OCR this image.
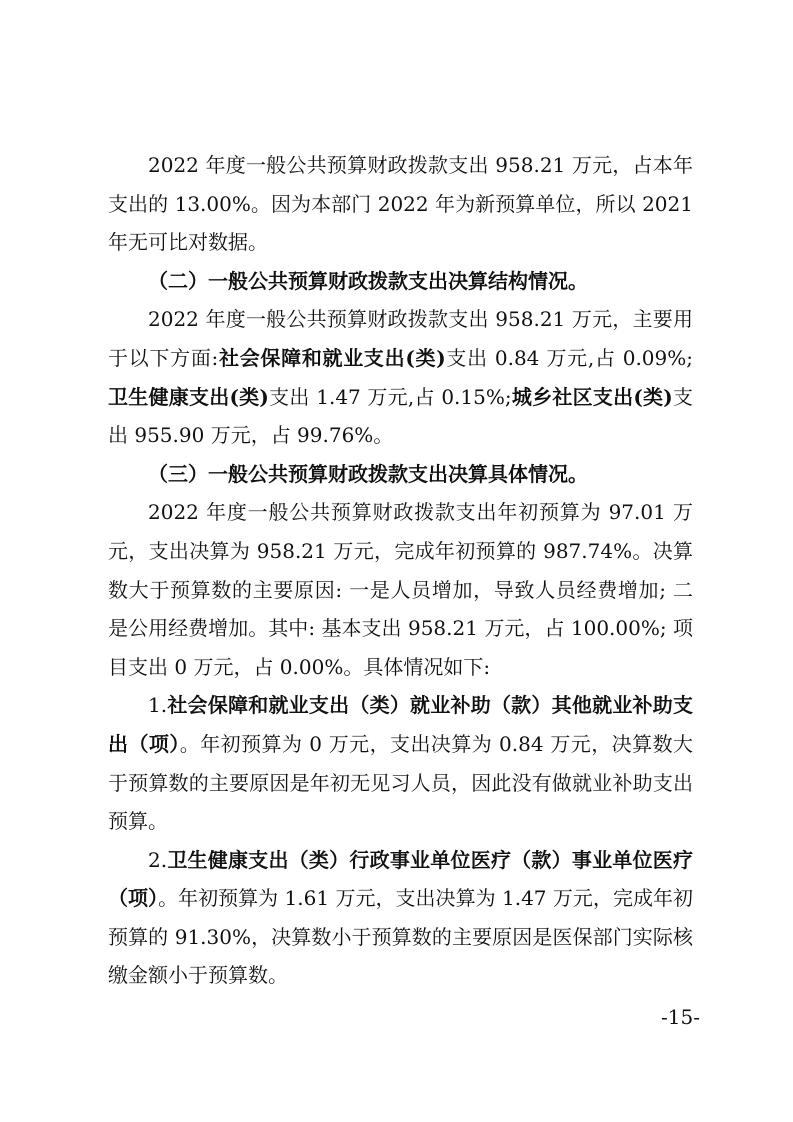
2022 年度一般公共预算财政拨款支出 958.21 万元，占本年支出的 13.00%。因为本部门 2022 年为新预算单位，所以 2021 年无可比对数据。

（二）一般公共预算财政拨款支出决算结构情况。

2022 年度一般公共预算财政拨款支出 958.21 万元，主要用于以下方面:社会保障和就业支出(类)支出 0.84 万元,占 0.09%;卫生健康支出(类)支出 1.47 万元,占 0.15%;城乡社区支出(类)支出 955.90 万元，占 99.76%。

（三）一般公共预算财政拨款支出决算具体情况。

2022 年度一般公共预算财政拨款支出年初预算为 97.01 万元，支出决算为 958.21 万元，完成年初预算的 987.74%。决算数大于预算数的主要原因: 一是人员增加，导致人员经费增加; 二是公用经费增加。其中: 基本支出 958.21 万元，占 100.00%; 项目支出 0 万元，占 0.00%。具体情况如下:

1.社会保障和就业支出（类）就业补助（款）其他就业补助支出（项）。年初预算为 0 万元，支出决算为 0.84 万元，决算数大于预算数的主要原因是年初无见习人员，因此没有做就业补助支出预算。

2.卫生健康支出（类）行政事业单位医疗（款）事业单位医疗（项）。年初预算为 1.61 万元，支出决算为 1.47 万元，完成年初预算的 91.30%，决算数小于预算数的主要原因是医保部门实际核缴金额小于预算数。

-15-
